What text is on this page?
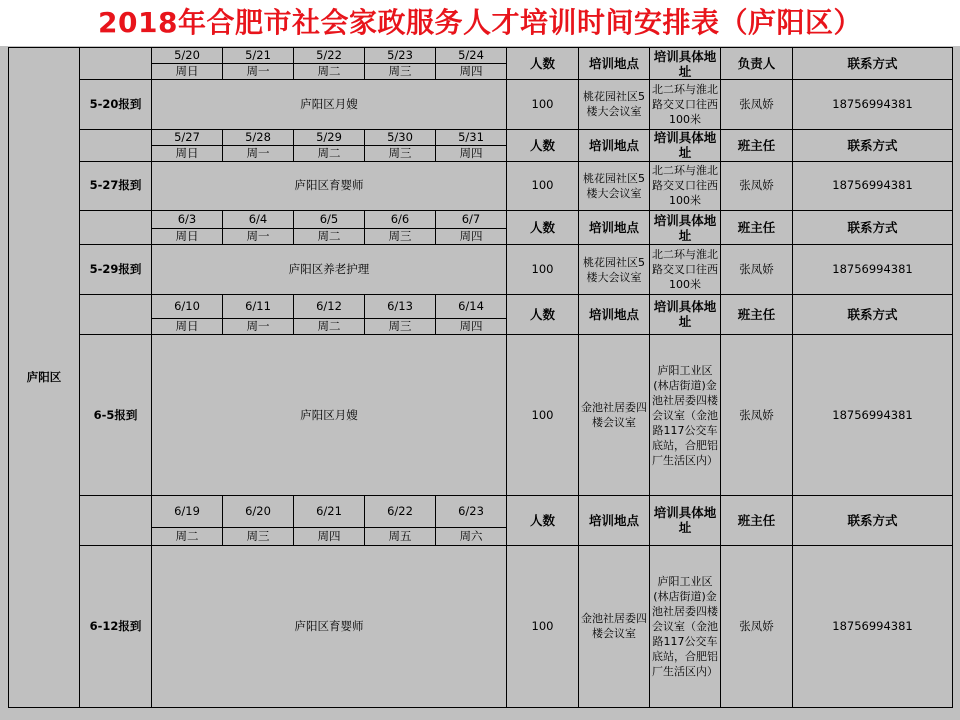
2018年合肥市社会家政服务人才培训时间安排表（庐阳区）
庐阳区		5/20	5/21	5/22	5/23	5/24	人数	培训地点	培训具体地址	负责人	联系方式
		周日	周一	周二	周三	周四					
	5-20报到	庐阳区月嫂					100	桃花园社区5楼大会议室	北二环与淮北路交叉口往西100米	张凤娇	18756994381
		5/27	5/28	5/29	5/30	5/31	人数	培训地点	培训具体地址	班主任	联系方式
		周日	周一	周二	周三	周四					
	5-27报到	庐阳区育婴师					100	桃花园社区5楼大会议室	北二环与淮北路交叉口往西100米	张凤娇	18756994381
		6/3	6/4	6/5	6/6	6/7	人数	培训地点	培训具体地址	班主任	联系方式
		周日	周一	周二	周三	周四					
	5-29报到	庐阳区养老护理					100	桃花园社区5楼大会议室	北二环与淮北路交叉口往西100米	张凤娇	18756994381
		6/10	6/11	6/12	6/13	6/14	人数	培训地点	培训具体地址	班主任	联系方式
		周日	周一	周二	周三	周四					
	6-5报到	庐阳区月嫂					100	金池社居委四楼会议室	庐阳工业区(林店街道)金池社居委四楼会议室（金池路117公交车底站，合肥铝厂生活区内）	张凤娇	18756994381
		6/19	6/20	6/21	6/22	6/23	人数	培训地点	培训具体地址	班主任	联系方式
		周二	周三	周四	周五	周六					
	6-12报到	庐阳区育婴师					100	金池社居委四楼会议室	庐阳工业区(林店街道)金池社居委四楼会议室（金池路117公交车底站，合肥铝厂生活区内）	张凤娇	18756994381
